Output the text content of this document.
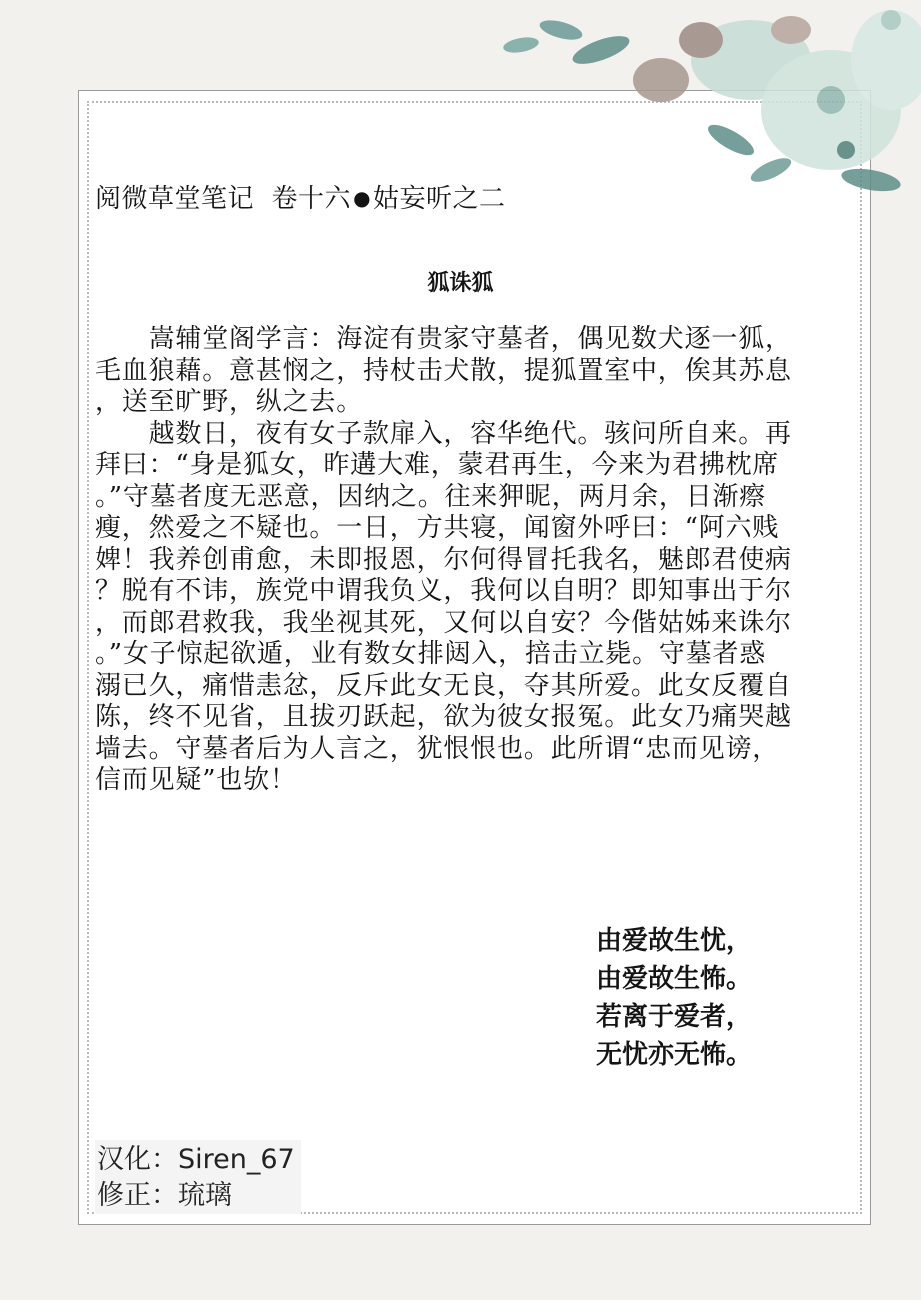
阅微草堂笔记 卷十六 ●姑妄听之二
狐诛狐
　　嵩辅堂阁学言：海淀有贵家守墓者，偶见数犬逐一狐，
毛血狼藉。意甚悯之，持杖击犬散，提狐置室中，俟其苏息
，送至旷野，纵之去。
　　越数日，夜有女子款扉入，容华绝代。骇问所自来。再
拜曰：“身是狐女，昨遘大难，蒙君再生，今来为君拂枕席
。”守墓者度无恶意，因纳之。往来狎昵，两月余，日渐瘵
瘦，然爱之不疑也。一日，方共寝，闻窗外呼曰：“阿六贱
婢！我养创甫愈，未即报恩，尔何得冒托我名，魅郎君使病
？脱有不讳，族党中谓我负义，我何以自明？即知事出于尔
，而郎君救我，我坐视其死，又何以自安？今偕姑姊来诛尔
。”女子惊起欲遁，业有数女排闼入，掊击立毙。守墓者惑
溺已久，痛惜恚忿，反斥此女无良，夺其所爱。此女反覆自
陈，终不见省，且拔刃跃起，欲为彼女报冤。此女乃痛哭越
墙去。守墓者后为人言之，犹恨恨也。此所谓“忠而见谤，
信而见疑”也欤！
由爱故生忧，
由爱故生怖。
若离于爱者，
无忧亦无怖。
汉化：Siren_67
修正：琉璃
